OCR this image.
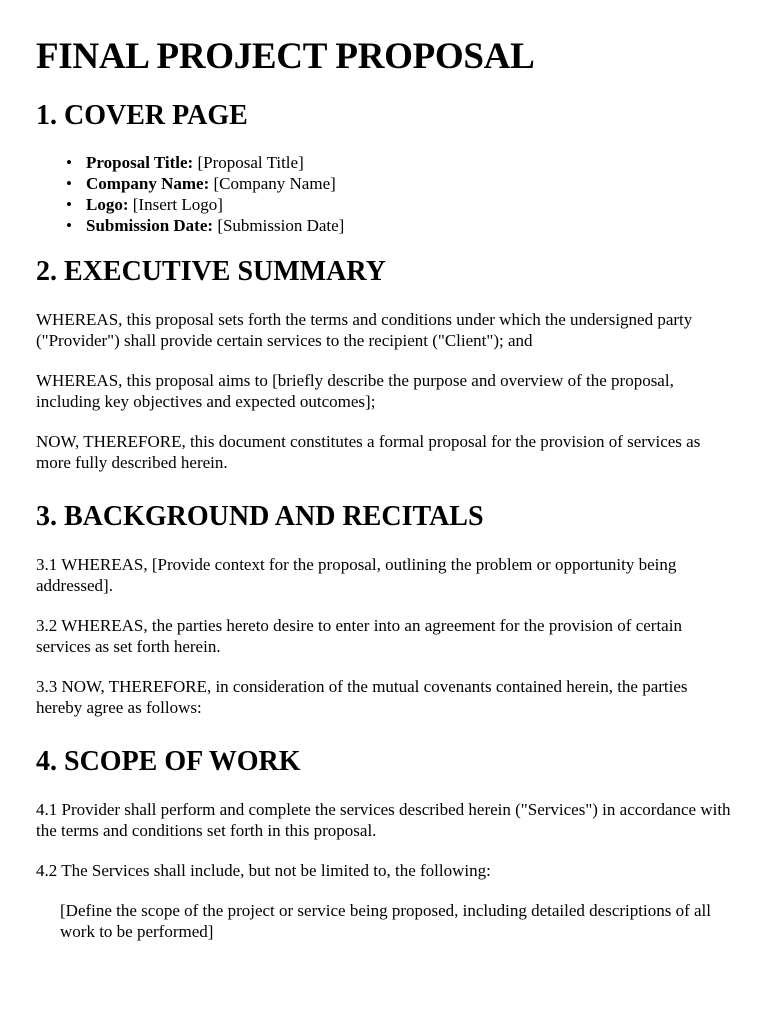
FINAL PROJECT PROPOSAL
1. COVER PAGE
• Proposal Title: [Proposal Title]
• Company Name: [Company Name]
• Logo: [Insert Logo]
• Submission Date: [Submission Date]
2. EXECUTIVE SUMMARY

WHEREAS, this proposal sets forth the terms and conditions under which the undersigned party ("Provider") shall provide certain services to the recipient ("Client"); and

WHEREAS, this proposal aims to [briefly describe the purpose and overview of the proposal, including key objectives and expected outcomes];

NOW, THEREFORE, this document constitutes a formal proposal for the provision of services as more fully described herein.

3. BACKGROUND AND RECITALS

3.1 WHEREAS, [Provide context for the proposal, outlining the problem or opportunity being addressed].

3.2 WHEREAS, the parties hereto desire to enter into an agreement for the provision of certain services as set forth herein.

3.3 NOW, THEREFORE, in consideration of the mutual covenants contained herein, the parties hereby agree as follows:

4. SCOPE OF WORK

4.1 Provider shall perform and complete the services described herein ("Services") in accordance with the terms and conditions set forth in this proposal.

4.2 The Services shall include, but not be limited to, the following:

[Define the scope of the project or service being proposed, including detailed descriptions of all work to be performed]
